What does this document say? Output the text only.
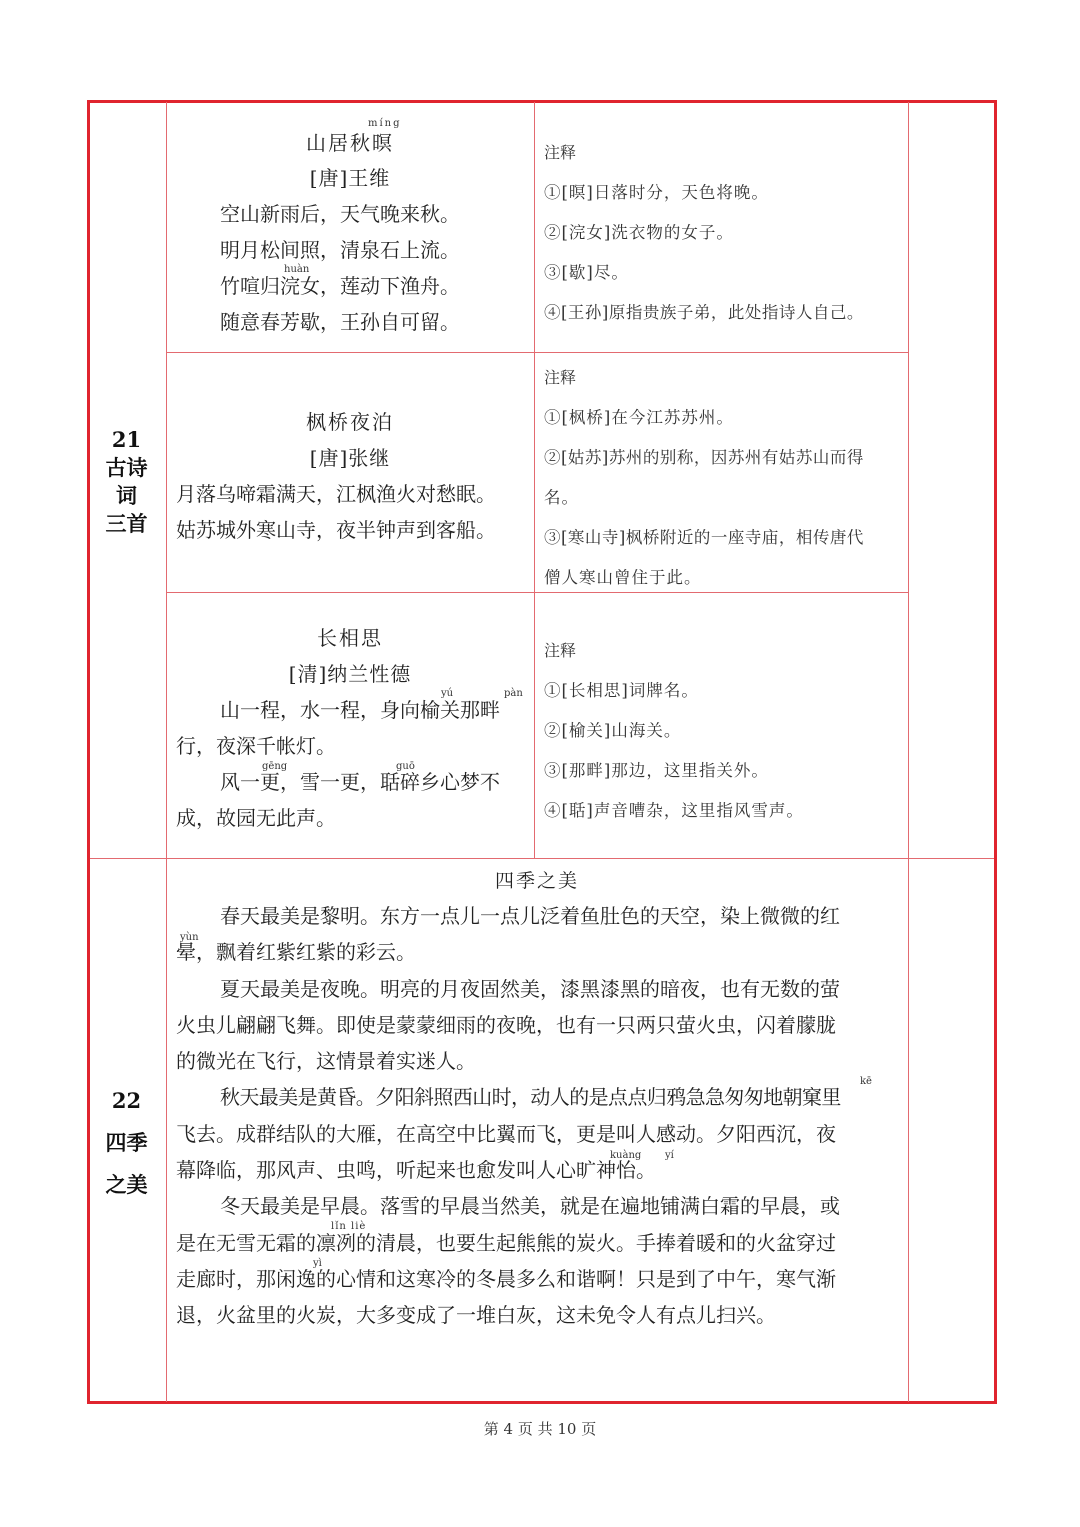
21
古诗
词
三首
míng
山居秋暝
[唐]王维
空山新雨后，天气晚来秋。
明月松间照，清泉石上流。
竹喧归浣女，莲动下渔舟。
随意春芳歇，王孙自可留。
huàn
注释
①[暝]日落时分，天色将晚。
②[浣女]洗衣物的女子。
③[歇]尽。
④[王孙]原指贵族子弟，此处指诗人自己。
枫桥夜泊
[唐]张继
月落乌啼霜满天，江枫渔火对愁眠。
姑苏城外寒山寺，夜半钟声到客船。
注释
①[枫桥]在今江苏苏州。
②[姑苏]苏州的别称，因苏州有姑苏山而得
名。
③[寒山寺]枫桥附近的一座寺庙，相传唐代
僧人寒山曾住于此。
长相思
[清]纳兰性德
山一程，水一程，身向榆关那畔
行，夜深千帐灯。
风一更，雪一更，聒碎乡心梦不
成，故园无此声。
yú	pàn
gēng	guō
注释
①[长相思]词牌名。
②[榆关]山海关。
③[那畔]那边，这里指关外。
④[聒]声音嘈杂，这里指风雪声。
22
四季
之美
四季之美
春天最美是黎明。东方一点儿一点儿泛着鱼肚色的天空，染上微微的红
晕，飘着红紫红紫的彩云。
夏天最美是夜晚。明亮的月夜固然美，漆黑漆黑的暗夜，也有无数的萤
火虫儿翩翩飞舞。即使是蒙蒙细雨的夜晚，也有一只两只萤火虫，闪着朦胧
的微光在飞行，这情景着实迷人。
秋天最美是黄昏。夕阳斜照西山时，动人的是点点归鸦急急匆匆地朝窠里
飞去。成群结队的大雁，在高空中比翼而飞，更是叫人感动。夕阳西沉，夜
幕降临，那风声、虫鸣，听起来也愈发叫人心旷神怡。
冬天最美是早晨。落雪的早晨当然美，就是在遍地铺满白霜的早晨，或
是在无雪无霜的凛冽的清晨，也要生起熊熊的炭火。手捧着暖和的火盆穿过
走廊时，那闲逸的心情和这寒冷的冬晨多么和谐啊！只是到了中午，寒气渐
退，火盆里的火炭，大多变成了一堆白灰，这未免令人有点儿扫兴。
yùn
kē
kuàng yí
lǐn liè
yì
第 4 页 共 10 页
